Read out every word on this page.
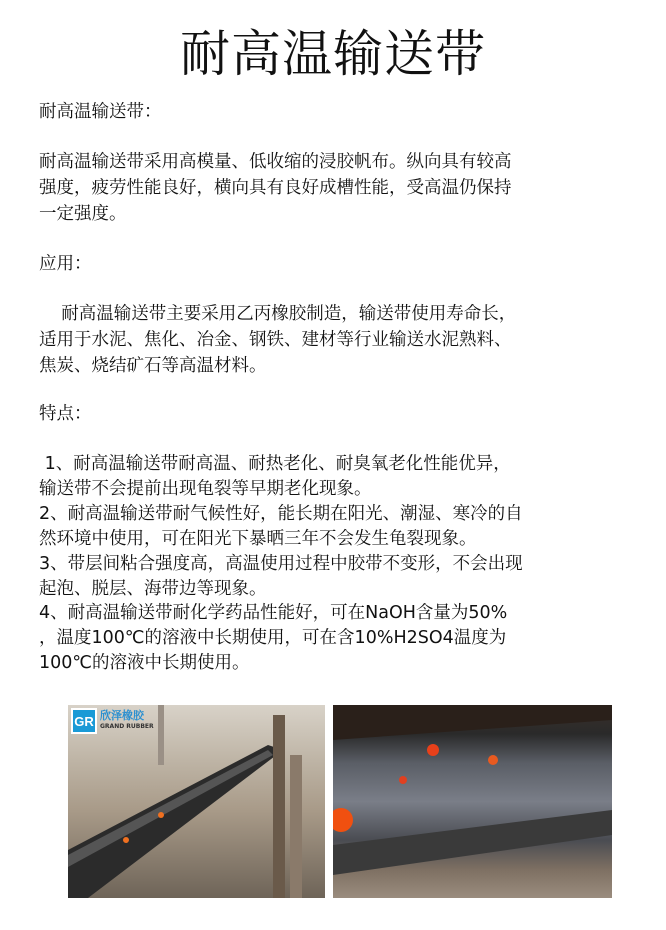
耐高温输送带
耐高温输送带：
耐高温输送带采用高模量、低收缩的浸胶帆布。纵向具有较高
强度，疲劳性能良好，横向具有良好成槽性能，受高温仍保持
一定强度。
应用：
耐高温输送带主要采用乙丙橡胶制造，输送带使用寿命长，
适用于水泥、焦化、冶金、钢铁、建材等行业输送水泥熟料、
焦炭、烧结矿石等高温材料。
特点：
1、耐高温输送带耐高温、耐热老化、耐臭氧老化性能优异，
输送带不会提前出现龟裂等早期老化现象。
2、耐高温输送带耐气候性好，能长期在阳光、潮湿、寒冷的自
然环境中使用，可在阳光下暴晒三年不会发生龟裂现象。
3、带层间粘合强度高，高温使用过程中胶带不变形，不会出现
起泡、脱层、海带边等现象。
4、耐高温输送带耐化学药品性能好，可在NaOH含量为50%
，温度100℃的溶液中长期使用，可在含10%H2SO4温度为
100℃的溶液中长期使用。
GR 欣泽橡胶
GRAND RUBBER
